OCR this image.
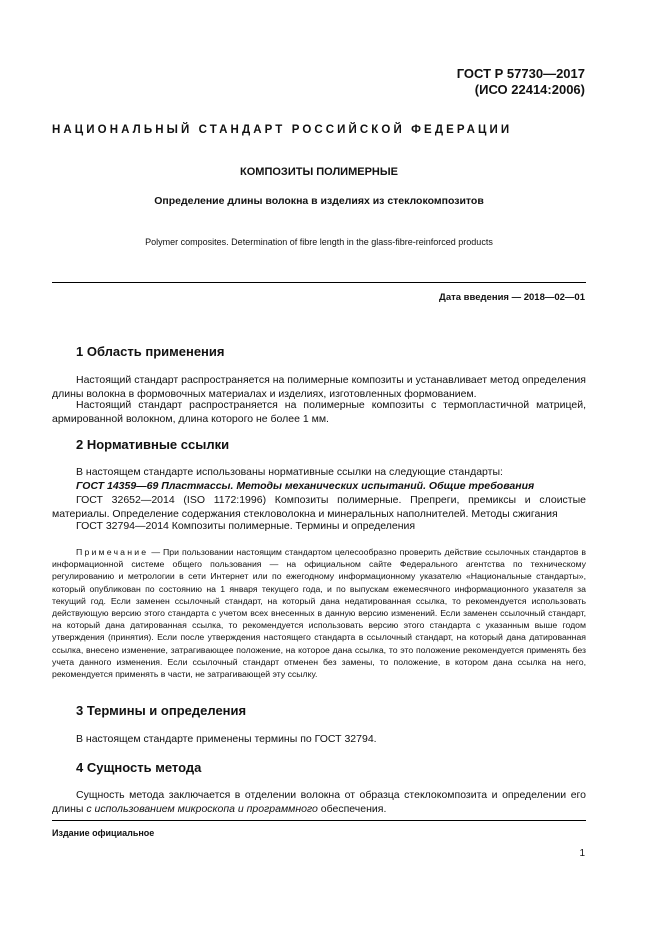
ГОСТ Р 57730—2017
(ИСО 22414:2006)
НАЦИОНАЛЬНЫЙ СТАНДАРТ РОССИЙСКОЙ ФЕДЕРАЦИИ
КОМПОЗИТЫ ПОЛИМЕРНЫЕ
Определение длины волокна в изделиях из стеклокомпозитов
Polymer composites. Determination of fibre length in the glass-fibre-reinforced products
Дата введения — 2018—02—01
1 Область применения

Настоящий стандарт распространяется на полимерные композиты и устанавливает метод определения длины волокна в формовочных материалах и изделиях, изготовленных формованием.

Настоящий стандарт распространяется на полимерные композиты с термопластичной матрицей, армированной волокном, длина которого не более 1 мм.

2 Нормативные ссылки

В настоящем стандарте использованы нормативные ссылки на следующие стандарты:

ГОСТ 14359—69 Пластмассы. Методы механических испытаний. Общие требования

ГОСТ 32652—2014 (ISO 1172:1996) Композиты полимерные. Препреги, премиксы и слоистые материалы. Определение содержания стекловолокна и минеральных наполнителей. Методы сжигания

ГОСТ 32794—2014 Композиты полимерные. Термины и определения

Примечание — При пользовании настоящим стандартом целесообразно проверить действие ссылочных стандартов в информационной системе общего пользования — на официальном сайте Федерального агентства по техническому регулированию и метрологии в сети Интернет или по ежегодному информационному указателю «Национальные стандарты», который опубликован по состоянию на 1 января текущего года, и по выпускам ежемесячного информационного указателя за текущий год. Если заменен ссылочный стандарт, на который дана недатированная ссылка, то рекомендуется использовать действующую версию этого стандарта с учетом всех внесенных в данную версию изменений. Если заменен ссылочный стандарт, на который дана датированная ссылка, то рекомендуется использовать версию этого стандарта с указанным выше годом утверждения (принятия). Если после утверждения настоящего стандарта в ссылочный стандарт, на который дана датированная ссылка, внесено изменение, затрагивающее положение, на которое дана ссылка, то это положение рекомендуется применять без учета данного изменения. Если ссылочный стандарт отменен без замены, то положение, в котором дана ссылка на него, рекомендуется применять в части, не затрагивающей эту ссылку.

3 Термины и определения

В настоящем стандарте применены термины по ГОСТ 32794.

4 Сущность метода

Сущность метода заключается в отделении волокна от образца стеклокомпозита и определении его длины с использованием микроскопа и программного обеспечения.

Издание официальное
1
